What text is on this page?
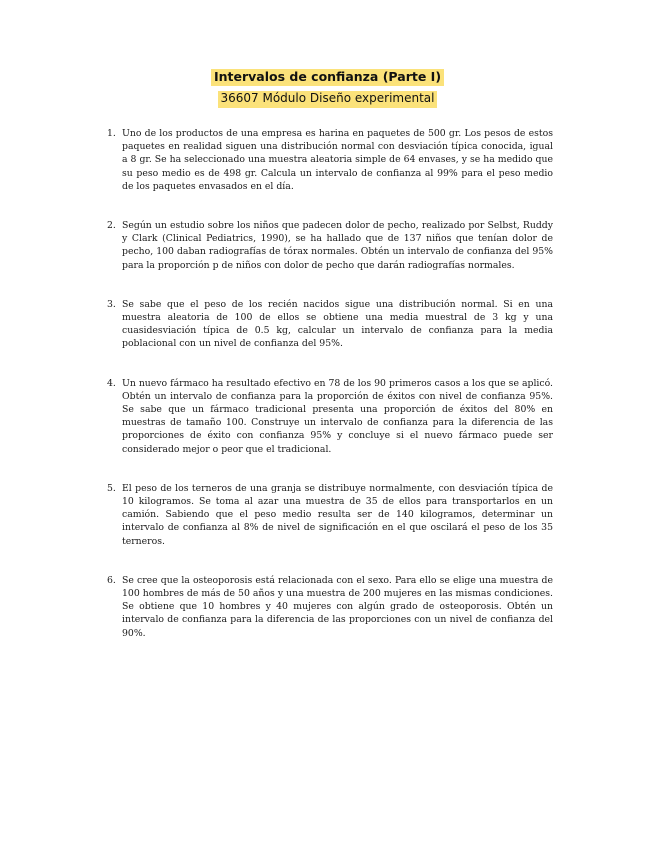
Intervalos de confianza (Parte I)
36607 Módulo Diseño experimental
1. Uno de los productos de una empresa es harina en paquetes de 500 gr. Los pesos de estos paquetes en realidad siguen una distribución normal con desviación típica conocida, igual a 8 gr. Se ha seleccionado una muestra aleatoria simple de 64 envases, y se ha medido que su peso medio es de 498 gr. Calcula un intervalo de confianza al 99% para el peso medio de los paquetes envasados en el día.
2. Según un estudio sobre los niños que padecen dolor de pecho, realizado por Selbst, Ruddy y Clark (Clinical Pediatrics, 1990), se ha hallado que de 137 niños que tenían dolor de pecho, 100 daban radiografías de tórax normales. Obtén un intervalo de confianza del 95% para la proporción p de niños con dolor de pecho que darán radiografías normales.
3. Se sabe que el peso de los recién nacidos sigue una distribución normal. Si en una muestra aleatoria de 100 de ellos se obtiene una media muestral de 3 kg y una cuasidesviación típica de 0.5 kg, calcular un intervalo de confianza para la media poblacional con un nivel de confianza del 95%.
4. Un nuevo fármaco ha resultado efectivo en 78 de los 90 primeros casos a los que se aplicó. Obtén un intervalo de confianza para la proporción de éxitos con nivel de confianza 95%. Se sabe que un fármaco tradicional presenta una proporción de éxitos del 80% en muestras de tamaño 100. Construye un intervalo de confianza para la diferencia de las proporciones de éxito con confianza 95% y concluye si el nuevo fármaco puede ser considerado mejor o peor que el tradicional.
5. El peso de los terneros de una granja se distribuye normalmente, con desviación típica de 10 kilogramos. Se toma al azar una muestra de 35 de ellos para transportarlos en un camión. Sabiendo que el peso medio resulta ser de 140 kilogramos, determinar un intervalo de confianza al 8% de nivel de significación en el que oscilará el peso de los 35 terneros.
6. Se cree que la osteoporosis está relacionada con el sexo. Para ello se elige una muestra de 100 hombres de más de 50 años y una muestra de 200 mujeres en las mismas condiciones. Se obtiene que 10 hombres y 40 mujeres con algún grado de osteoporosis. Obtén un intervalo de confianza para la diferencia de las proporciones con un nivel de confianza del 90%.
